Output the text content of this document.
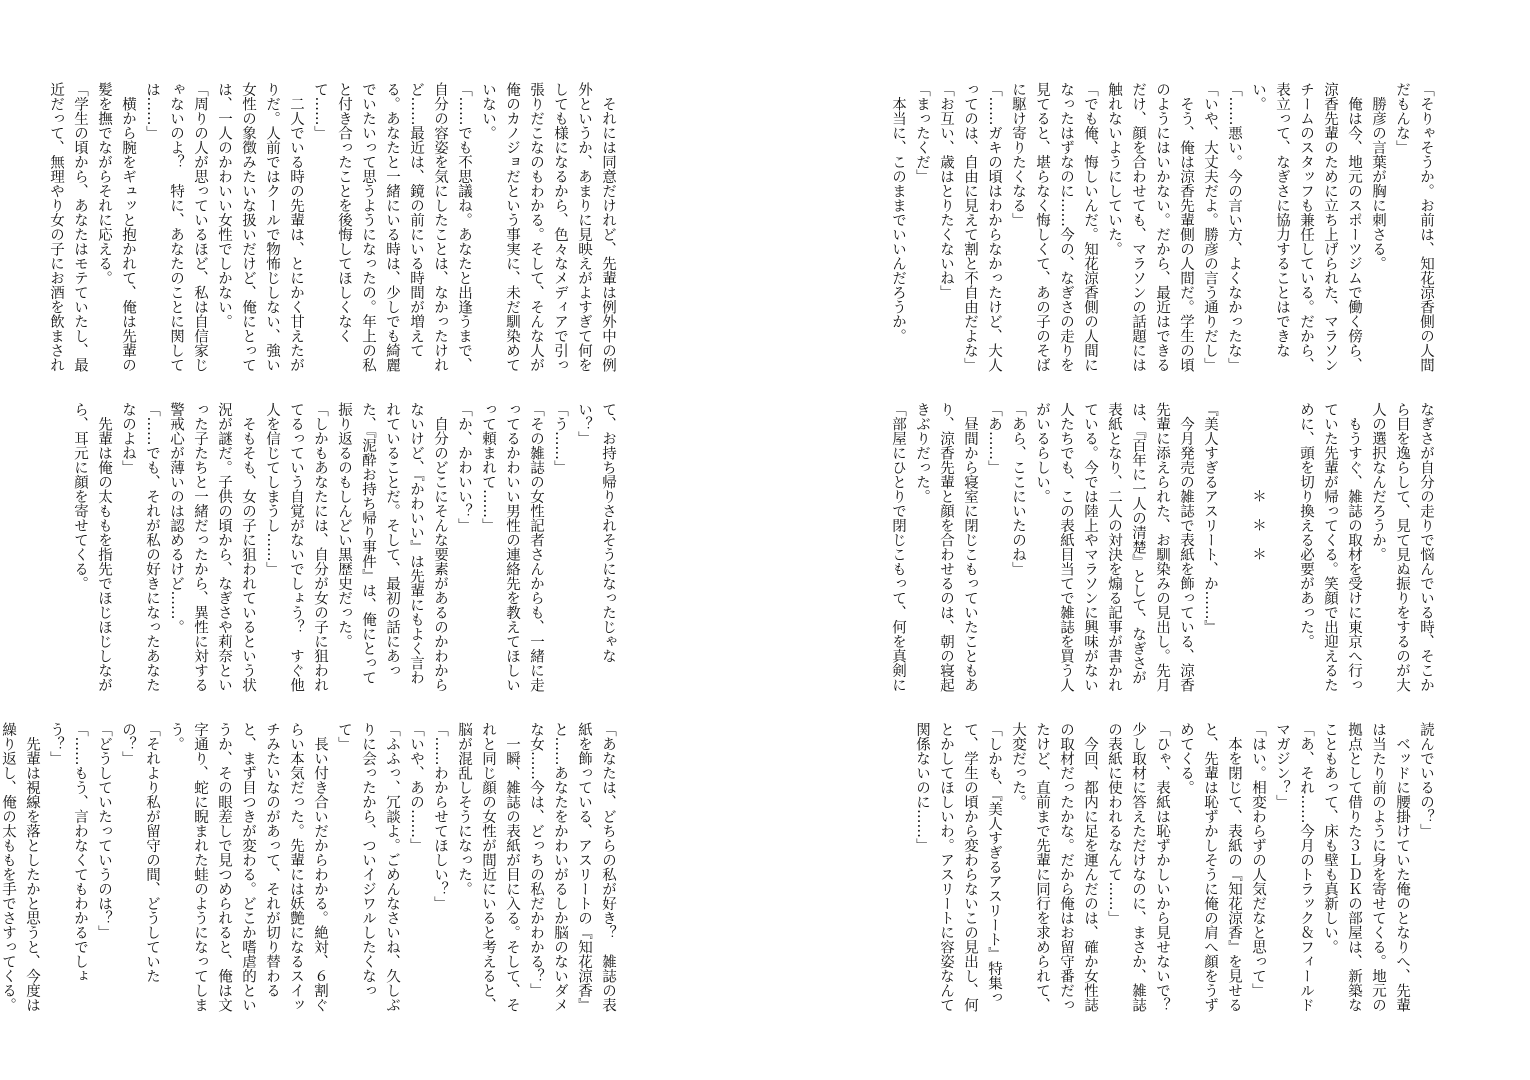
「そりゃそうか。お前は、知花涼香側の人間だもんな」
　勝彦の言葉が胸に刺さる。
　俺は今、地元のスポーツジムで働く傍ら、涼香先輩のために立ち上げられた、マラソンチームのスタッフも兼任している。だから、表立って、なぎさに協力することはできない。
「……悪い。今の言い方、よくなかったな」
「いや、大丈夫だよ。勝彦の言う通りだし」
　そう、俺は涼香先輩側の人間だ。学生の頃のようにはいかない。だから、最近はできるだけ、顔を合わせても、マラソンの話題には触れないようにしていた。
「でも俺、悔しいんだ。知花涼香側の人間になったはずなのに……今の、なぎさの走りを見てると、堪らなく悔しくて、あの子のそばに駆け寄りたくなる」
「……ガキの頃はわからなかったけど、大人ってのは、自由に見えて割と不自由だよな」
「お互い、歳はとりたくないね」
「まったくだ」
　本当に、このままでいいんだろうか。
なぎさが自分の走りで悩んでいる時、そこから目を逸らして、見て見ぬ振りをするのが大人の選択なんだろうか。
　もうすぐ、雑誌の取材を受けに東京へ行っていた先輩が帰ってくる。笑顔で出迎えるために、頭を切り換える必要があった。

　　　　　　＊　＊　＊

『美人すぎるアスリート、か……』
　今月発売の雑誌で表紙を飾っている、涼香先輩に添えられた、お馴染みの見出し。先月は、『百年に一人の清楚』として、なぎさが表紙となり、二人の対決を煽る記事が書かれている。今では陸上やマラソンに興味がない人たちでも、この表紙目当てで雑誌を買う人がいるらしい。
「あら、ここにいたのね」
「あ……」
　昼間から寝室に閉じこもっていたこともあり、涼香先輩と顔を合わせるのは、朝の寝起きぶりだった。
「部屋にひとりで閉じこもって、何を真剣に
読んでいるの？」
　ベッドに腰掛けていた俺のとなりへ、先輩は当たり前のように身を寄せてくる。地元の拠点として借りた３ＬＤＫの部屋は、新築なこともあって、床も壁も真新しい。
「あ、それ……今月のトラック＆フィールドマガジン？」
「はい。相変わらずの人気だなと思って」
　本を閉じて、表紙の『知花涼香』を見せると、先輩は恥ずかしそうに俺の肩へ顔をうずめてくる。
「ひゃ、表紙は恥ずかしいから見せないで？　少し取材に答えただけなのに、まさか、雑誌の表紙に使われるなんて……」
　今回、都内に足を運んだのは、確か女性誌の取材だったかな。だから俺はお留守番だったけど、直前まで先輩に同行を求められて、大変だった。
「しかも、『美人すぎるアスリート』特集って、学生の頃から変わらないこの見出し、何とかしてほしいわ。アスリートに容姿なんて関係ないのに……」
　それには同意だけれど、先輩は例外中の例外というか、あまりに見映えがよすぎて何をしても様になるから、色々なメディアで引っ張りだこなのもわかる。そして、そんな人が俺のカノジョだという事実に、未だ馴染めていない。
「……でも不思議ね。あなたと出逢うまで、自分の容姿を気にしたことは、なかったけれど……最近は、鏡の前にいる時間が増えてる。あなたと一緒にいる時は、少しでも綺麗でいたいって思うようになったの。年上の私と付き合ったことを後悔してほしくなくて……」
　二人でいる時の先輩は、とにかく甘えたがりだ。人前ではクールで物怖じしない、強い女性の象徴みたいな扱いだけど、俺にとっては、一人のかわいい女性でしかない。
「周りの人が思っているほど、私は自信家じゃないのよ？　特に、あなたのことに関しては……」
　横から腕をギュッと抱かれて、俺は先輩の髪を撫でながらそれに応える。
「学生の頃から、あなたはモテていたし、最近だって、無理やり女の子にお酒を飲まされ
て、お持ち帰りされそうになったじゃない？」
「う……」
「その雑誌の女性記者さんからも、一緒に走ってるかわいい男性の連絡先を教えてほしいって頼まれて……」
「か、かわいい？」
　自分のどこにそんな要素があるのかわからないけど、『かわいい』は先輩にもよく言われていることだ。そして、最初の話にあった、『泥酔お持ち帰り事件』は、俺にとって振り返るのもしんどい黒歴史だった。
「しかもあなたには、自分が女の子に狙われてるっていう自覚がないでしょう？　すぐ他人を信じてしまうし……」
　そもそも、女の子に狙われているという状況が謎だ。子供の頃から、なぎさや莉奈といった子たちと一緒だったから、異性に対する警戒心が薄いのは認めるけど……。
「……でも、それが私の好きになったあなたなのよね」
　先輩は俺の太ももを指先でほじほじしながら、耳元に顔を寄せてくる。
「あなたは、どちらの私が好き？　雑誌の表紙を飾っている、アスリートの『知花涼香』と……あなたをかわいがるしか脳のないダメな女……今は、どっちの私だかわかる？」
　一瞬、雑誌の表紙が目に入る。そして、それと同じ顔の女性が間近にいると考えると、脳が混乱しそうになった。
「……わからせてほしい？」
「いや、あの……」
「ふふっ、冗談よ。ごめんなさいね、久しぶりに会ったから、ついイジワルしたくなって」
　長い付き合いだからわかる。絶対、６割ぐらい本気だった。先輩には妖艶になるスイッチみたいなのがあって、それが切り替わると、まず目つきが変わる。どこか嗜虐的というか、その眼差しで見つめられると、俺は文字通り、蛇に睨まれた蛙のようになってしまう。
「それより私が留守の間、どうしていたの？」
「どうしていたっていうのは？」
「……もう、言わなくてもわかるでしょう？」
　先輩は視線を落としたかと思うと、今度は繰り返し、俺の太ももを手でさすってくる。
